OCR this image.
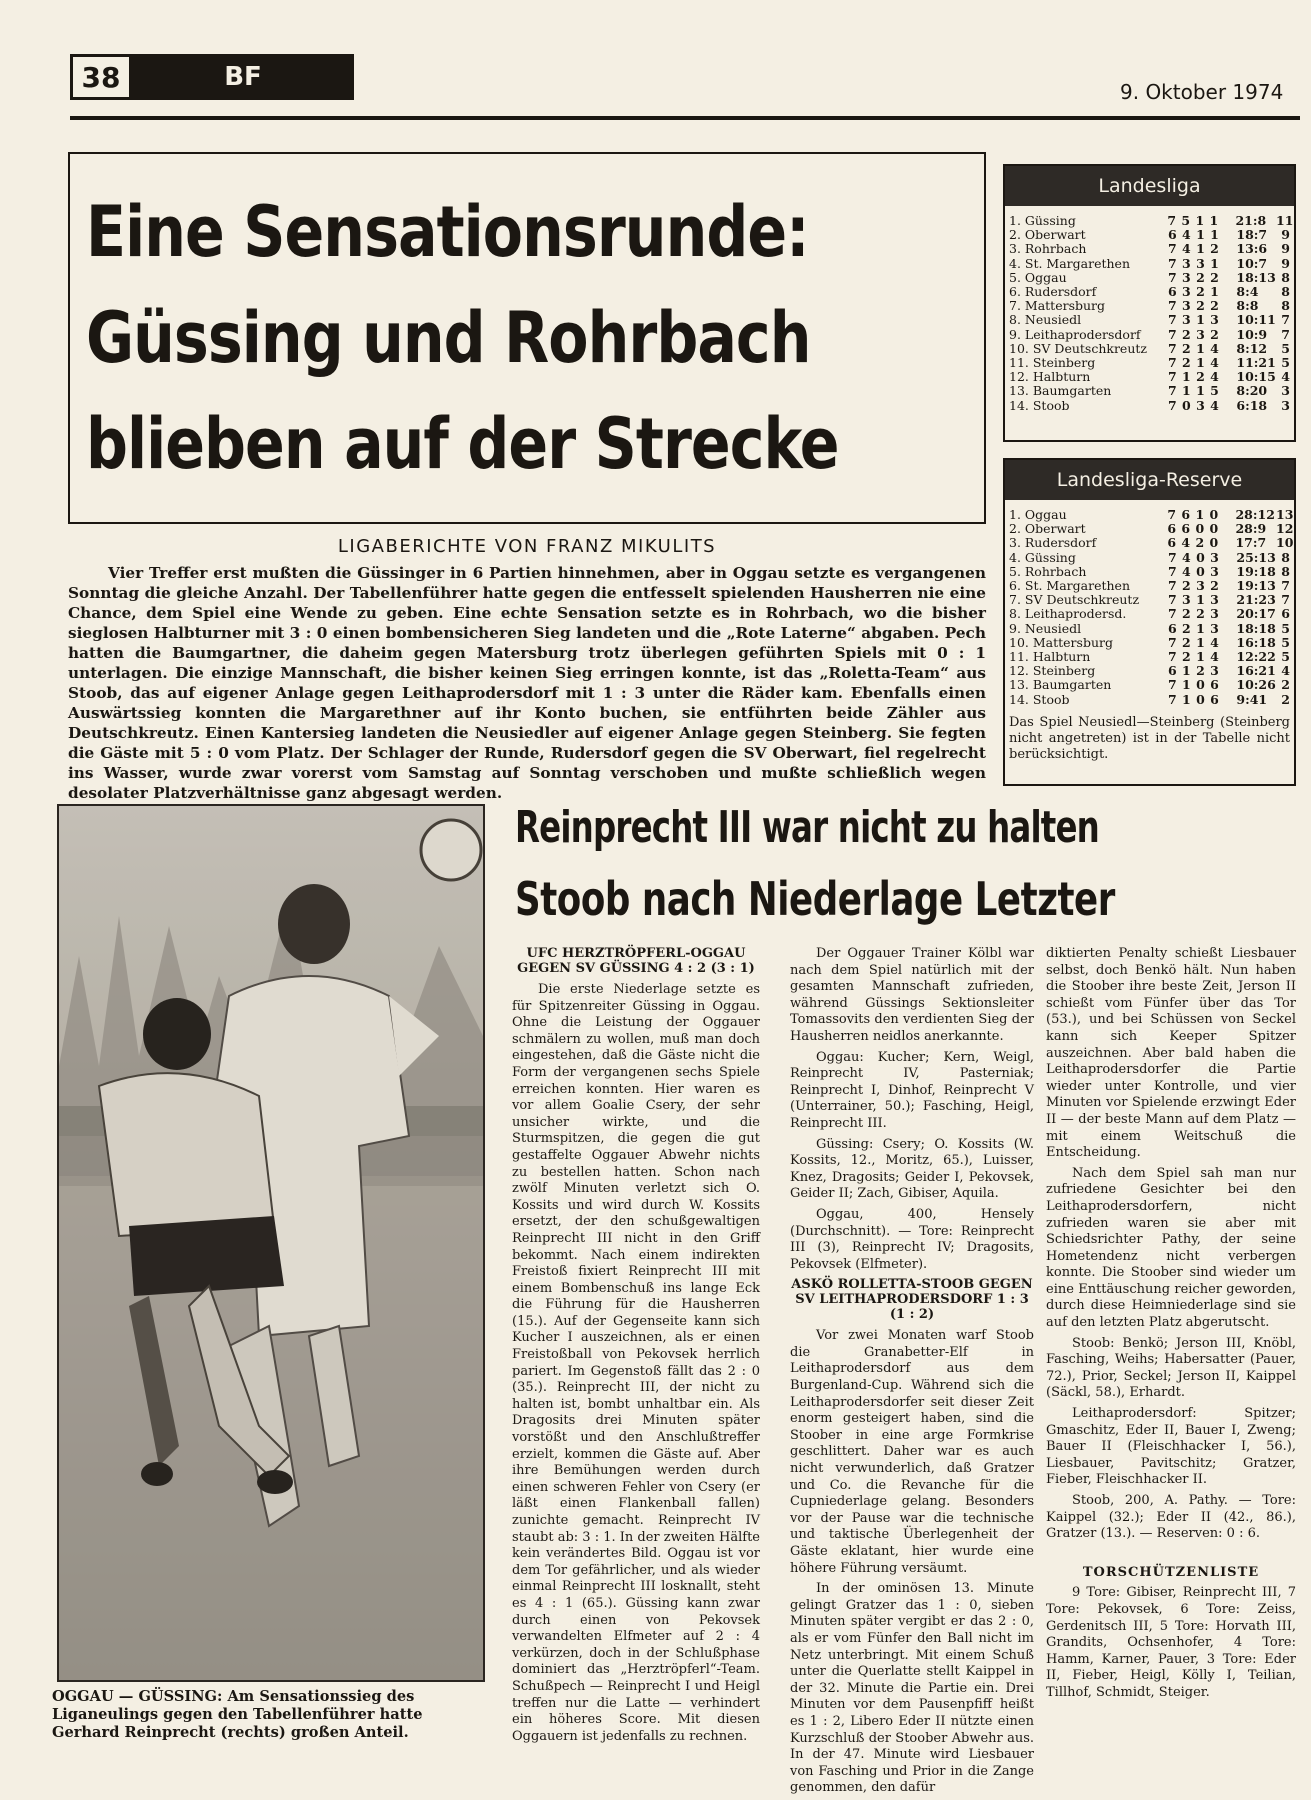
38	BF	9. Oktober 1974
Eine Sensationsrunde:
Güssing und Rohrbach
blieben auf der Strecke
LIGABERICHTE VON FRANZ MIKULITS
Vier Treffer erst mußten die Güssinger in 6 Partien hinnehmen, aber in Oggau setzte es vergangenen Sonntag die gleiche Anzahl. Der Tabellenführer hatte gegen die entfesselt spielenden Hausherren nie eine Chance, dem Spiel eine Wende zu geben. Eine echte Sensation setzte es in Rohrbach, wo die bisher sieglosen Halbturner mit 3 : 0 einen bombensicheren Sieg landeten und die „Rote Laterne“ abgaben. Pech hatten die Baumgartner, die daheim gegen Matersburg trotz überlegen geführten Spiels mit 0 : 1 unterlagen. Die einzige Mannschaft, die bisher keinen Sieg erringen konnte, ist das „Roletta-Team“ aus Stoob, das auf eigener Anlage gegen Leithaprodersdorf mit 1 : 3 unter die Räder kam. Ebenfalls einen Auswärtssieg konnten die Margarethner auf ihr Konto buchen, sie entführten beide Zähler aus Deutschkreutz. Einen Kantersieg landeten die Neusiedler auf eigener Anlage gegen Steinberg. Sie fegten die Gäste mit 5 : 0 vom Platz. Der Schlager der Runde, Rudersdorf gegen die SV Oberwart, fiel regelrecht ins Wasser, wurde zwar vorerst vom Samstag auf Sonntag verschoben und mußte schließlich wegen desolater Platzverhältnisse ganz abgesagt werden.
Landesliga
1. Güssing	7 5 1 1	21:8 11
2. Oberwart	6 4 1 1	18:7	9
3. Rohrbach	7 4 1 2	13:6	9
4. St. Margarethen	7 3 3 1	10:7	9
5. Oggau	7 3 2 2	18:13 8
6. Rudersdorf	6 3 2 1	8:4	8
7. Mattersburg	7 3 2 2	8:8	8
8. Neusiedl	7 3 1 3	10:11 7
9. Leithaprodersdorf	7 2 3 2	10:9	7
10. SV Deutschkreutz	7 2 1 4	8:12	5
11. Steinberg	7 2 1 4	11:21 5
12. Halbturn	7 1 2 4	10:15 4
13. Baumgarten	7 1 1 5	8:20	3
14. Stoob	7 0 3 4	6:18	3
Landesliga-Reserve
1. Oggau	7 6 1 0	28:12 13
2. Oberwart	6 6 0 0	28:9 12
3. Rudersdorf	6 4 2 0	17:7 10
4. Güssing	7 4 0 3	25:13 8
5. Rohrbach	7 4 0 3	19:18 8
6. St. Margarethen	7 2 3 2	19:13 7
7. SV Deutschkreutz	7 3 1 3	21:23 7
8. Leithaprodersd.	7 2 2 3	20:17 6
9. Neusiedl	6 2 1 3	18:18 5
10. Mattersburg	7 2 1 4	16:18 5
11. Halbturn	7 2 1 4	12:22 5
12. Steinberg	6 1 2 3	16:21 4
13. Baumgarten	7 1 0 6	10:26 2
14. Stoob	7 1 0 6	9:41	2
Das Spiel Neusiedl—Steinberg (Steinberg nicht angetreten) ist in der Tabelle nicht berücksichtigt.
OGGAU — GÜSSING: Am Sensationssieg des Liganeulings gegen den Tabellenführer hatte Gerhard Reinprecht (rechts) großen Anteil.
Reinprecht III war nicht zu halten
Stoob nach Niederlage Letzter

UFC HERZTRÖPFERL-OGGAU GEGEN SV GÜSSING 4 : 2 (3 : 1)

Die erste Niederlage setzte es für Spitzenreiter Güssing in Oggau. Ohne die Leistung der Oggauer schmälern zu wollen, muß man doch eingestehen, daß die Gäste nicht die Form der vergangenen sechs Spiele erreichen konnten. Hier waren es vor allem Goalie Csery, der sehr unsicher wirkte, und die Sturmspitzen, die gegen die gut gestaffelte Oggauer Abwehr nichts zu bestellen hatten. Schon nach zwölf Minuten verletzt sich O. Kossits und wird durch W. Kossits ersetzt, der den schußgewaltigen Reinprecht III nicht in den Griff bekommt. Nach einem indirekten Freistoß fixiert Reinprecht III mit einem Bombenschuß ins lange Eck die Führung für die Hausherren (15.). Auf der Gegenseite kann sich Kucher I auszeichnen, als er einen Freistoßball von Pekovsek herrlich pariert. Im Gegenstoß fällt das 2 : 0 (35.). Reinprecht III, der nicht zu halten ist, bombt unhaltbar ein. Als Dragosits drei Minuten später vorstößt und den Anschlußtreffer erzielt, kommen die Gäste auf. Aber ihre Bemühungen werden durch einen schweren Fehler von Csery (er läßt einen Flankenball fallen) zunichte gemacht. Reinprecht IV staubt ab: 3 : 1. In der zweiten Hälfte kein verändertes Bild. Oggau ist vor dem Tor gefährlicher, und als wieder einmal Reinprecht III losknallt, steht es 4 : 1 (65.). Güssing kann zwar durch einen von Pekovsek verwandelten Elfmeter auf 2 : 4 verkürzen, doch in der Schlußphase dominiert das „Herztröpferl“-Team. Schußpech — Reinprecht I und Heigl treffen nur die Latte — verhindert ein höheres Score. Mit diesen Oggauern ist jedenfalls zu rechnen.

Der Oggauer Trainer Kölbl war nach dem Spiel natürlich mit der gesamten Mannschaft zufrieden, während Güssings Sektionsleiter Tomassovits den verdienten Sieg der Hausherren neidlos anerkannte.

Oggau: Kucher; Kern, Weigl, Reinprecht IV, Pasterniak; Reinprecht I, Dinhof, Reinprecht V (Unterrainer, 50.); Fasching, Heigl, Reinprecht III.

Güssing: Csery; O. Kossits (W. Kossits, 12., Moritz, 65.), Luisser, Knez, Dragosits; Geider I, Pekovsek, Geider II; Zach, Gibiser, Aquila.

Oggau, 400, Hensely (Durchschnitt). — Tore: Reinprecht III (3), Reinprecht IV; Dragosits, Pekovsek (Elfmeter).

ASKÖ ROLLETTA-STOOB GEGEN SV LEITHAPRODERSDORF 1 : 3 (1 : 2)

Vor zwei Monaten warf Stoob die Granabetter-Elf in Leithaprodersdorf aus dem Burgenland-Cup. Während sich die Leithaprodersdorfer seit dieser Zeit enorm gesteigert haben, sind die Stoober in eine arge Formkrise geschlittert. Daher war es auch nicht verwunderlich, daß Gratzer und Co. die Revanche für die Cupniederlage gelang. Besonders vor der Pause war die technische und taktische Überlegenheit der Gäste eklatant, hier wurde eine höhere Führung versäumt.

In der ominösen 13. Minute gelingt Gratzer das 1 : 0, sieben Minuten später vergibt er das 2 : 0, als er vom Fünfer den Ball nicht im Netz unterbringt. Mit einem Schuß unter die Querlatte stellt Kaippel in der 32. Minute die Partie ein. Drei Minuten vor dem Pausenpfiff heißt es 1 : 2, Libero Eder II nützte einen Kurzschluß der Stoober Abwehr aus. In der 47. Minute wird Liesbauer von Fasching und Prior in die Zange genommen, den dafür

diktierten Penalty schießt Liesbauer selbst, doch Benkö hält. Nun haben die Stoober ihre beste Zeit, Jerson II schießt vom Fünfer über das Tor (53.), und bei Schüssen von Seckel kann sich Keeper Spitzer auszeichnen. Aber bald haben die Leithaprodersdorfer die Partie wieder unter Kontrolle, und vier Minuten vor Spielende erzwingt Eder II — der beste Mann auf dem Platz — mit einem Weitschuß die Entscheidung.

Nach dem Spiel sah man nur zufriedene Gesichter bei den Leithaprodersdorfern, nicht zufrieden waren sie aber mit Schiedsrichter Pathy, der seine Hometendenz nicht verbergen konnte. Die Stoober sind wieder um eine Enttäuschung reicher geworden, durch diese Heimniederlage sind sie auf den letzten Platz abgerutscht.

Stoob: Benkö; Jerson III, Knöbl, Fasching, Weihs; Habersatter (Pauer, 72.), Prior, Seckel; Jerson II, Kaippel (Säckl, 58.), Erhardt.

Leithaprodersdorf: Spitzer; Gmaschitz, Eder II, Bauer I, Zweng; Bauer II (Fleischhacker I, 56.), Liesbauer, Pavitschitz; Gratzer, Fieber, Fleischhacker II.

Stoob, 200, A. Pathy. — Tore: Kaippel (32.); Eder II (42., 86.), Gratzer (13.). — Reserven: 0 : 6.

TORSCHÜTZENLISTE

9 Tore: Gibiser, Reinprecht III, 7 Tore: Pekovsek, 6 Tore: Zeiss, Gerdenitsch III, 5 Tore: Horvath III, Grandits, Ochsenhofer, 4 Tore: Hamm, Karner, Pauer, 3 Tore: Eder II, Fieber, Heigl, Kölly I, Teilian, Tillhof, Schmidt, Steiger.
